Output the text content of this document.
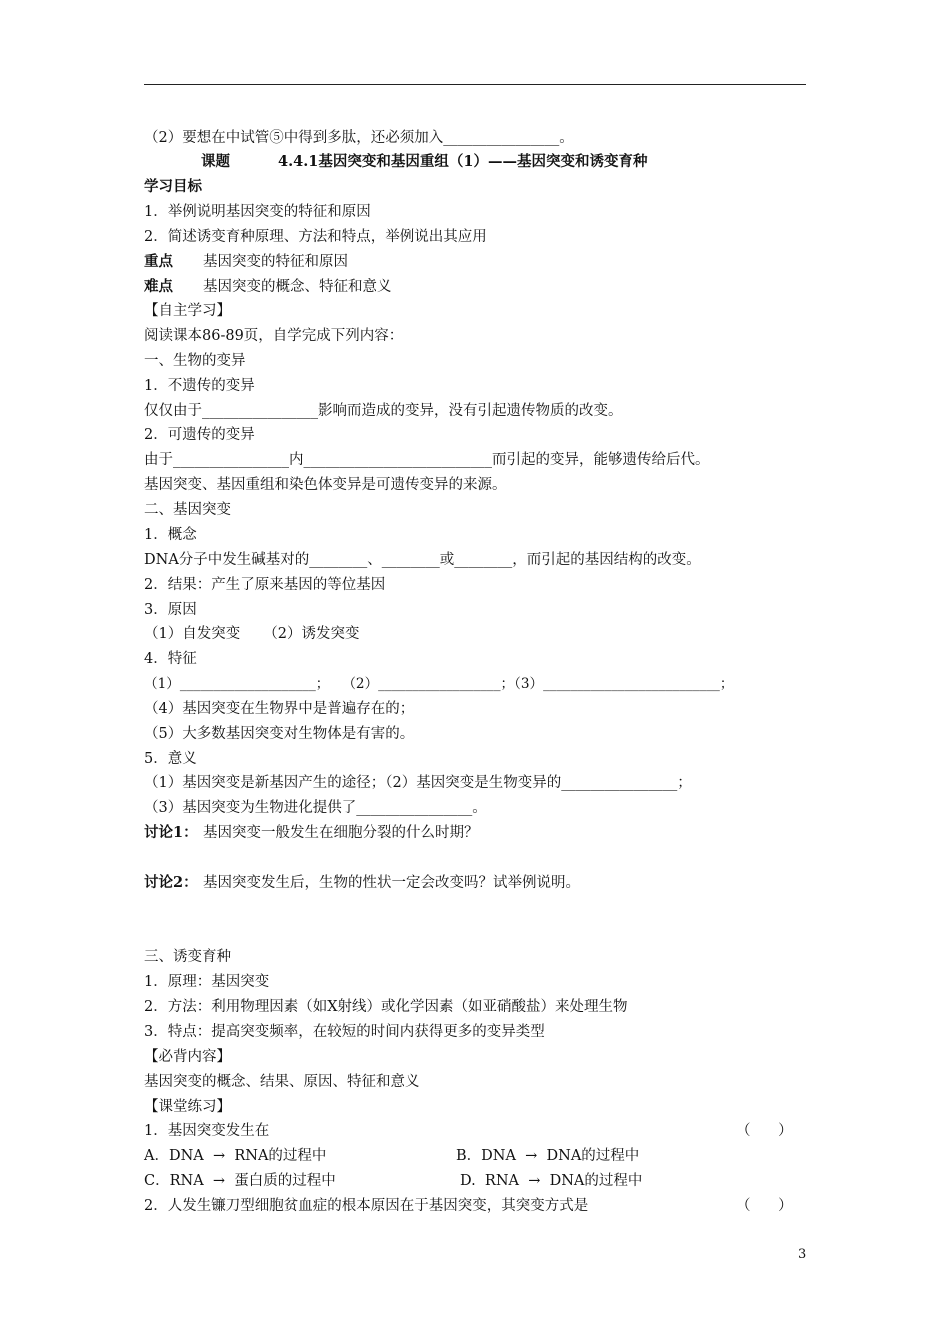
（2）要想在中试管⑤中得到多肽，还必须加入________________。
课题	4.4.1基因突变和基因重组（1）——基因突变和诱变育种
学习目标
1．举例说明基因突变的特征和原因
2．简述诱变育种原理、方法和特点，举例说出其应用
重点 基因突变的特征和原因
难点 基因突变的概念、特征和意义
【自主学习】
阅读课本86-89页，自学完成下列内容：
一、生物的变异
1．不遗传的变异
仅仅由于________________影响而造成的变异，没有引起遗传物质的改变。
2．可遗传的变异
由于________________内__________________________而引起的变异，能够遗传给后代。
基因突变、基因重组和染色体变异是可遗传变异的来源。
二、基因突变
1．概念
DNA分子中发生碱基对的________、________或________，而引起的基因结构的改变。
2．结果：产生了原来基因的等位基因
3．原因
（1）自发突变     （2）诱发突变
4．特征
（1）____________________；   （2）__________________；（3）__________________________；
（4）基因突变在生物界中是普遍存在的；
（5）大多数基因突变对生物体是有害的。
5．意义
（1）基因突变是新基因产生的途径；（2）基因突变是生物变异的________________；
（3）基因突变为生物进化提供了________________。
讨论1： 基因突变一般发生在细胞分裂的什么时期？
讨论2： 基因突变发生后，生物的性状一定会改变吗？试举例说明。
三、诱变育种
1．原理：基因突变
2．方法：利用物理因素（如X射线）或化学因素（如亚硝酸盐）来处理生物
3．特点：提高突变频率，在较短的时间内获得更多的变异类型
【必背内容】
基因突变的概念、结果、原因、特征和意义
【课堂练习】
1．基因突变发生在	（      ）
A．DNA  →  RNA的过程中	B．DNA  →  DNA的过程中
C．RNA  →  蛋白质的过程中	D.  RNA  →  DNA的过程中
2．人发生镰刀型细胞贫血症的根本原因在于基因突变，其突变方式是	（      ）
3
